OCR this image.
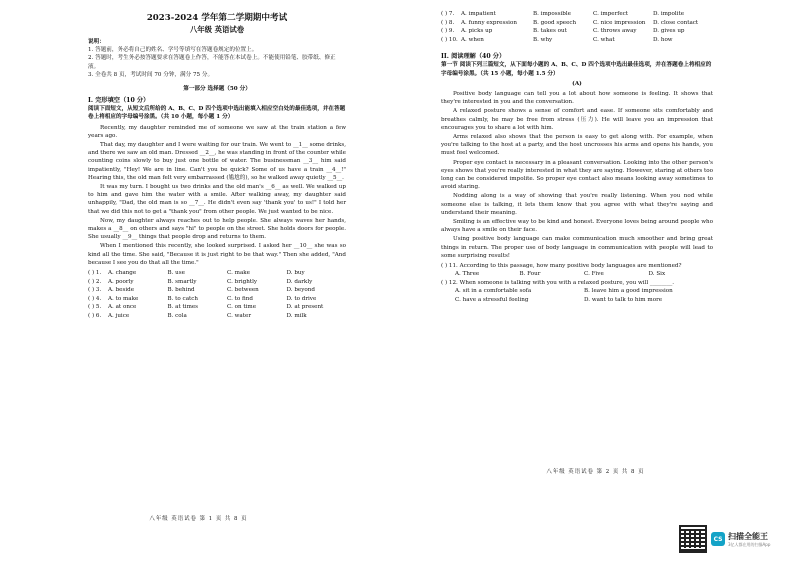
2023-2024 学年第二学期期中考试
八年级 英语试卷
说明：
1. 答题前，务必将自己的姓名、学号等填写在答题卷规定的位置上。
2. 答题时，考生务必按答题要求在答题卷上作答，不能答在本试卷上。不能使用铅笔、胶带纸、修正液。
3. 全卷共 8 页，考试时间 70 分钟，满分 75 分。
第一部分 选择题（50 分）
I. 完形填空（10 分）
阅读下面短文，从短文后所给的 A、B、C、D 四个选项中选出能填入相应空白处的最佳选项，并在答题卷上将相应的字母编号涂黑。（共 10 小题，每小题 1 分）
Recently, my daughter reminded me of someone we saw at the train station a few years ago.
That day, my daughter and I were waiting for our train. We went to __1__ some drinks, and there we saw an old man. Dressed __2__, he was standing in front of the counter while counting coins slowly to buy just one bottle of water. The businessman __3__ him said impatiently, "Hey! We are in line. Can't you be quick? Some of us have a train __4__!" Hearing this, the old man felt very embarrassed (尴尬的), so he walked away quietly __5__.
It was my turn. I bought us two drinks and the old man's __6__ as well. We walked up to him and gave him the water with a smile. After walking away, my daughter said unhappily, "Dad, the old man is so __7__. He didn't even say 'thank you' to us!" I told her that we did this not to get a "thank you" from other people. We just wanted to be nice.
Now, my daughter always reaches out to help people. She always waves her hands, makes a __8__ on others and says "hi" to people on the street. She holds doors for people. She usually __9__ things that people drop and returns to them.
When I mentioned this recently, she looked surprised. I asked her __10__ she was so kind all the time. She said, "Because it is just right to be that way." Then she added, "And because I see you do that all the time."
( ) 1.	A. change	B. use	C. make	D. buy
( ) 2.	A. poorly	B. smartly	C. brightly	D. darkly
( ) 3.	A. beside	B. behind	C. between	D. beyond
( ) 4.	A. to make	B. to catch	C. to find	D. to drive
( ) 5.	A. at once	B. at times	C. on time	D. at present
( ) 6.	A. juice	B. cola	C. water	D. milk
八年级 英语试卷 第 1 页 共 8 页
( ) 7.	A. impatient	B. impossible	C. imperfect	D. impolite
( ) 8.	A. funny expression	B. good speech	C. nice impression	D. close contact
( ) 9.	A. picks up	B. takes out	C. throws away	D. gives up
( ) 10. A. when	B. why	C. what	D. how
II. 阅读理解（40 分）
第一节 阅读下列三篇短文，从下面每小题的 A、B、C、D 四个选项中选出最佳选项，并在答题卷上将相应的字母编号涂黑。（共 15 小题，每小题 1.5 分）
(A)
Positive body language can tell you a lot about how someone is feeling. It shows that they're interested in you and the conversation.
A relaxed posture shows a sense of comfort and ease. If someone sits comfortably and breathes calmly, he may be free from stress (压力). He will leave you an impression that encourages you to share a lot with him.
Arms relaxed also shows that the person is easy to get along with. For example, when you're talking to the host at a party, and the host uncrosses his arms and opens his hands, you must feel welcomed.
Proper eye contact is necessary in a pleasant conversation. Looking into the other person's eyes shows that you're really interested in what they are saying. However, staring at others too long can be considered impolite. So proper eye contact also means looking away sometimes to avoid staring.
Nodding along is a way of showing that you're really listening. When you nod while someone else is talking, it lets them know that you agree with what they're saying and understand their meaning.
Smiling is an effective way to be kind and honest. Everyone loves being around people who always have a smile on their face.
Using positive body language can make communication much smoother and bring great things in return. The proper use of body language in communication with people will lead to some surprising results!
( ) 11. According to this passage, how many positive body languages are mentioned?
A. Three	B. Four	C. Five	D. Six
( ) 12. When someone is talking with you with a relaxed posture, you will ________.
A. sit in a comfortable sofa	B. leave him a good impression
C. have a stressful feeling	D. want to talk to him more
八年级 英语试卷 第 2 页 共 8 页
CS 扫描全能王
3亿人都在用的扫描App
